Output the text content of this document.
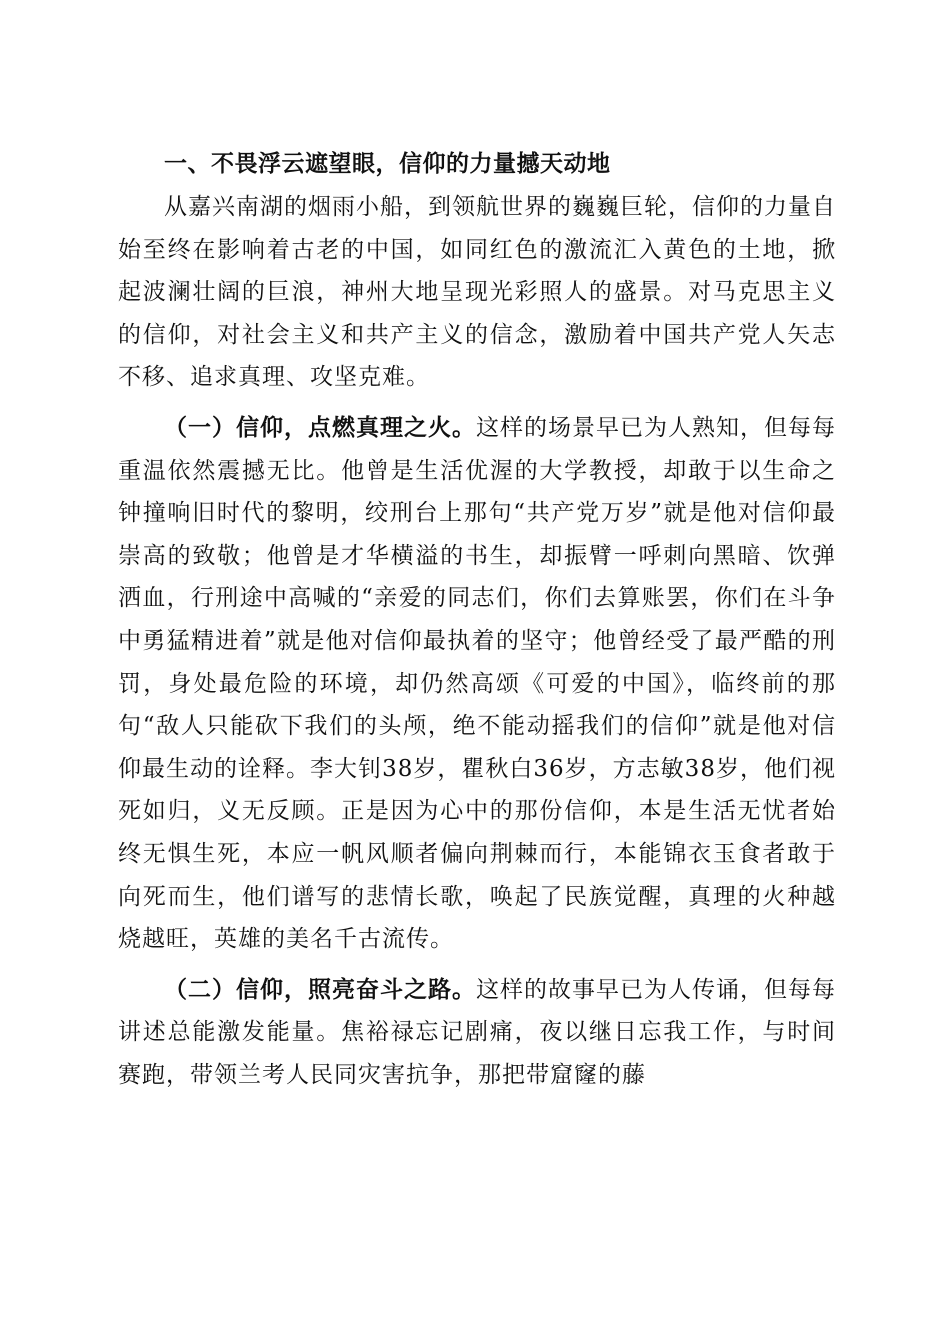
一、不畏浮云遮望眼，信仰的力量撼天动地

从嘉兴南湖的烟雨小船，到领航世界的巍巍巨轮，信仰的力量自始至终在影响着古老的中国，如同红色的激流汇入黄色的土地，掀起波澜壮阔的巨浪，神州大地呈现光彩照人的盛景。对马克思主义的信仰，对社会主义和共产主义的信念，激励着中国共产党人矢志不移、追求真理、攻坚克难。

（一）信仰，点燃真理之火。这样的场景早已为人熟知，但每每重温依然震撼无比。他曾是生活优渥的大学教授，却敢于以生命之钟撞响旧时代的黎明，绞刑台上那句“共产党万岁”就是他对信仰最崇高的致敬；他曾是才华横溢的书生，却振臂一呼刺向黑暗、饮弹洒血，行刑途中高喊的“亲爱的同志们，你们去算账罢，你们在斗争中勇猛精进着”就是他对信仰最执着的坚守；他曾经受了最严酷的刑罚，身处最危险的环境，却仍然高颂《可爱的中国》，临终前的那句“敌人只能砍下我们的头颅，绝不能动摇我们的信仰”就是他对信仰最生动的诠释。李大钊38岁，瞿秋白36岁，方志敏38岁，他们视死如归，义无反顾。正是因为心中的那份信仰，本是生活无忧者始终无惧生死，本应一帆风顺者偏向荆棘而行，本能锦衣玉食者敢于向死而生，他们谱写的悲情长歌，唤起了民族觉醒，真理的火种越烧越旺，英雄的美名千古流传。

（二）信仰，照亮奋斗之路。这样的故事早已为人传诵，但每每讲述总能激发能量。焦裕禄忘记剧痛，夜以继日忘我工作，与时间赛跑，带领兰考人民同灾害抗争，那把带窟窿的藤
